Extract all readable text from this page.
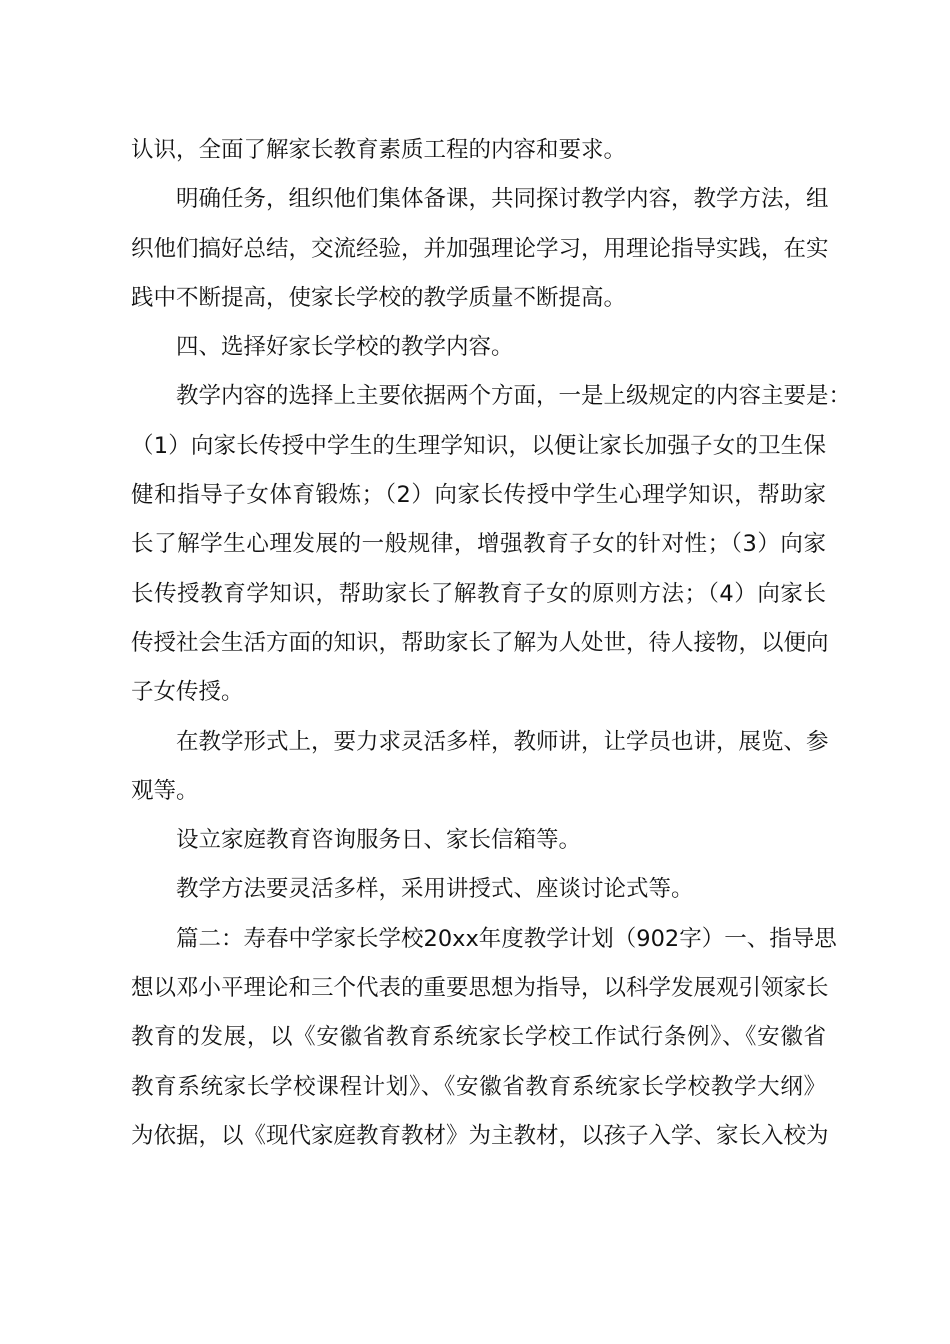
认识，全面了解家长教育素质工程的内容和要求。
明确任务，组织他们集体备课，共同探讨教学内容，教学方法，组
织他们搞好总结，交流经验，并加强理论学习，用理论指导实践，在实
践中不断提高，使家长学校的教学质量不断提高。
四、选择好家长学校的教学内容。
教学内容的选择上主要依据两个方面，一是上级规定的内容主要是：
（1）向家长传授中学生的生理学知识，以便让家长加强子女的卫生保
健和指导子女体育锻炼；（2）向家长传授中学生心理学知识，帮助家
长了解学生心理发展的一般规律，增强教育子女的针对性；（3）向家
长传授教育学知识，帮助家长了解教育子女的原则方法；（4）向家长
传授社会生活方面的知识，帮助家长了解为人处世，待人接物，以便向
子女传授。
在教学形式上，要力求灵活多样，教师讲，让学员也讲，展览、参
观等。
设立家庭教育咨询服务日、家长信箱等。
教学方法要灵活多样，采用讲授式、座谈讨论式等。
篇二：寿春中学家长学校20xx年度教学计划（902字）一、指导思
想以邓小平理论和三个代表的重要思想为指导，以科学发展观引领家长
教育的发展，以《安徽省教育系统家长学校工作试行条例》、《安徽省
教育系统家长学校课程计划》、《安徽省教育系统家长学校教学大纲》
为依据，以《现代家庭教育教材》为主教材，以孩子入学、家长入校为
